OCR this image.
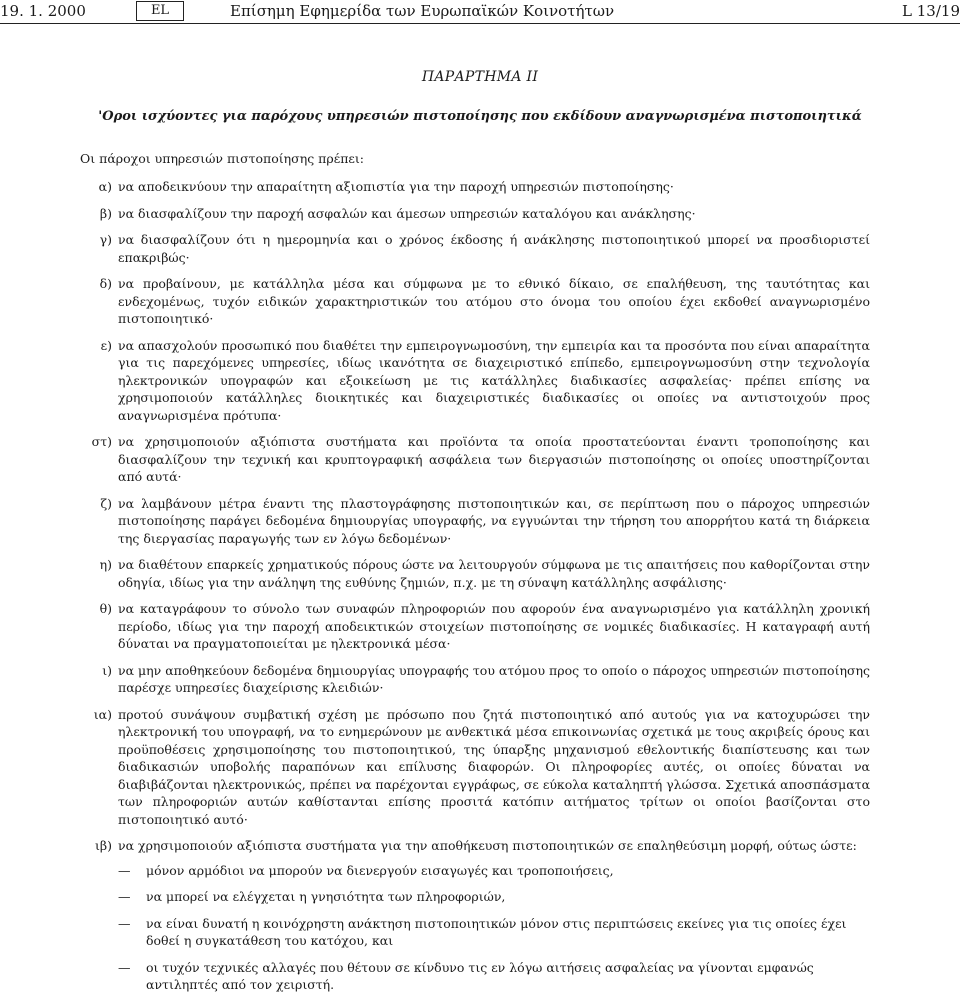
19. 1. 2000	EL	Επίσημη Εφημερίδα των Ευρωπαϊκών Κοινοτήτων	L 13/19
ΠΑΡΑΡΤΗΜΑ ΙΙ
'Οροι ισχύοντες για παρόχους υπηρεσιών πιστοποίησης που εκδίδουν αναγνωρισμένα πιστοποιητικά
Οι πάροχοι υπηρεσιών πιστοποίησης πρέπει:
α) να αποδεικνύουν την απαραίτητη αξιοπιστία για την παροχή υπηρεσιών πιστοποίησης·
β) να διασφαλίζουν την παροχή ασφαλών και άμεσων υπηρεσιών καταλόγου και ανάκλησης·
γ) να διασφαλίζουν ότι η ημερομηνία και ο χρόνος έκδοσης ή ανάκλησης πιστοποιητικού μπορεί να προσδιοριστεί επακριβώς·
δ) να προβαίνουν, με κατάλληλα μέσα και σύμφωνα με το εθνικό δίκαιο, σε επαλήθευση, της ταυτότητας και ενδεχομένως, τυχόν ειδικών χαρακτηριστικών του ατόμου στο όνομα του οποίου έχει εκδοθεί αναγνωρισμένο πιστοποιητικό·
ε) να απασχολούν προσωπικό που διαθέτει την εμπειρογνωμοσύνη, την εμπειρία και τα προσόντα που είναι απαραίτητα για τις παρεχόμενες υπηρεσίες, ιδίως ικανότητα σε διαχειριστικό επίπεδο, εμπειρογνωμοσύνη στην τεχνολογία ηλεκτρονικών υπογραφών και εξοικείωση με τις κατάλληλες διαδικασίες ασφαλείας· πρέπει επίσης να χρησιμοποιούν κατάλληλες διοικητικές και διαχειριστικές διαδικασίες οι οποίες να αντιστοιχούν προς αναγνωρισμένα πρότυπα·
στ) να χρησιμοποιούν αξιόπιστα συστήματα και προϊόντα τα οποία προστατεύονται έναντι τροποποίησης και διασφαλίζουν την τεχνική και κρυπτογραφική ασφάλεια των διεργασιών πιστοποίησης οι οποίες υποστηρίζονται από αυτά·
ζ) να λαμβάνουν μέτρα έναντι της πλαστογράφησης πιστοποιητικών και, σε περίπτωση που ο πάροχος υπηρεσιών πιστοποίησης παράγει δεδομένα δημιουργίας υπογραφής, να εγγυώνται την τήρηση του απορρήτου κατά τη διάρκεια της διεργασίας παραγωγής των εν λόγω δεδομένων·
η) να διαθέτουν επαρκείς χρηματικούς πόρους ώστε να λειτουργούν σύμφωνα με τις απαιτήσεις που καθορίζονται στην οδηγία, ιδίως για την ανάληψη της ευθύνης ζημιών, π.χ. με τη σύναψη κατάλληλης ασφάλισης·
θ) να καταγράφουν το σύνολο των συναφών πληροφοριών που αφορούν ένα αναγνωρισμένο για κατάλληλη χρονική περίοδο, ιδίως για την παροχή αποδεικτικών στοιχείων πιστοποίησης σε νομικές διαδικασίες. Η καταγραφή αυτή δύναται να πραγματοποιείται με ηλεκτρονικά μέσα·
ι) να μην αποθηκεύουν δεδομένα δημιουργίας υπογραφής του ατόμου προς το οποίο ο πάροχος υπηρεσιών πιστοποίησης παρέσχε υπηρεσίες διαχείρισης κλειδιών·
ια) προτού συνάψουν συμβατική σχέση με πρόσωπο που ζητά πιστοποιητικό από αυτούς για να κατοχυρώσει την ηλεκτρονική του υπογραφή, να το ενημερώνουν με ανθεκτικά μέσα επικοινωνίας σχετικά με τους ακριβείς όρους και προϋποθέσεις χρησιμοποίησης του πιστοποιητικού, της ύπαρξης μηχανισμού εθελοντικής διαπίστευσης και των διαδικασιών υποβολής παραπόνων και επίλυσης διαφορών. Οι πληροφορίες αυτές, οι οποίες δύναται να διαβιβάζονται ηλεκτρονικώς, πρέπει να παρέχονται εγγράφως, σε εύκολα καταληπτή γλώσσα. Σχετικά αποσπάσματα των πληροφοριών αυτών καθίστανται επίσης προσιτά κατόπιν αιτήματος τρίτων οι οποίοι βασίζονται στο πιστοποιητικό αυτό·
ιβ) να χρησιμοποιούν αξιόπιστα συστήματα για την αποθήκευση πιστοποιητικών σε επαληθεύσιμη μορφή, ούτως ώστε:
— μόνον αρμόδιοι να μπορούν να διενεργούν εισαγωγές και τροποποιήσεις,
— να μπορεί να ελέγχεται η γνησιότητα των πληροφοριών,
— να είναι δυνατή η κοινόχρηστη ανάκτηση πιστοποιητικών μόνον στις περιπτώσεις εκείνες για τις οποίες έχει δοθεί η συγκατάθεση του κατόχου, και
— οι τυχόν τεχνικές αλλαγές που θέτουν σε κίνδυνο τις εν λόγω αιτήσεις ασφαλείας να γίνονται εμφανώς αντιληπτές από τον χειριστή.
